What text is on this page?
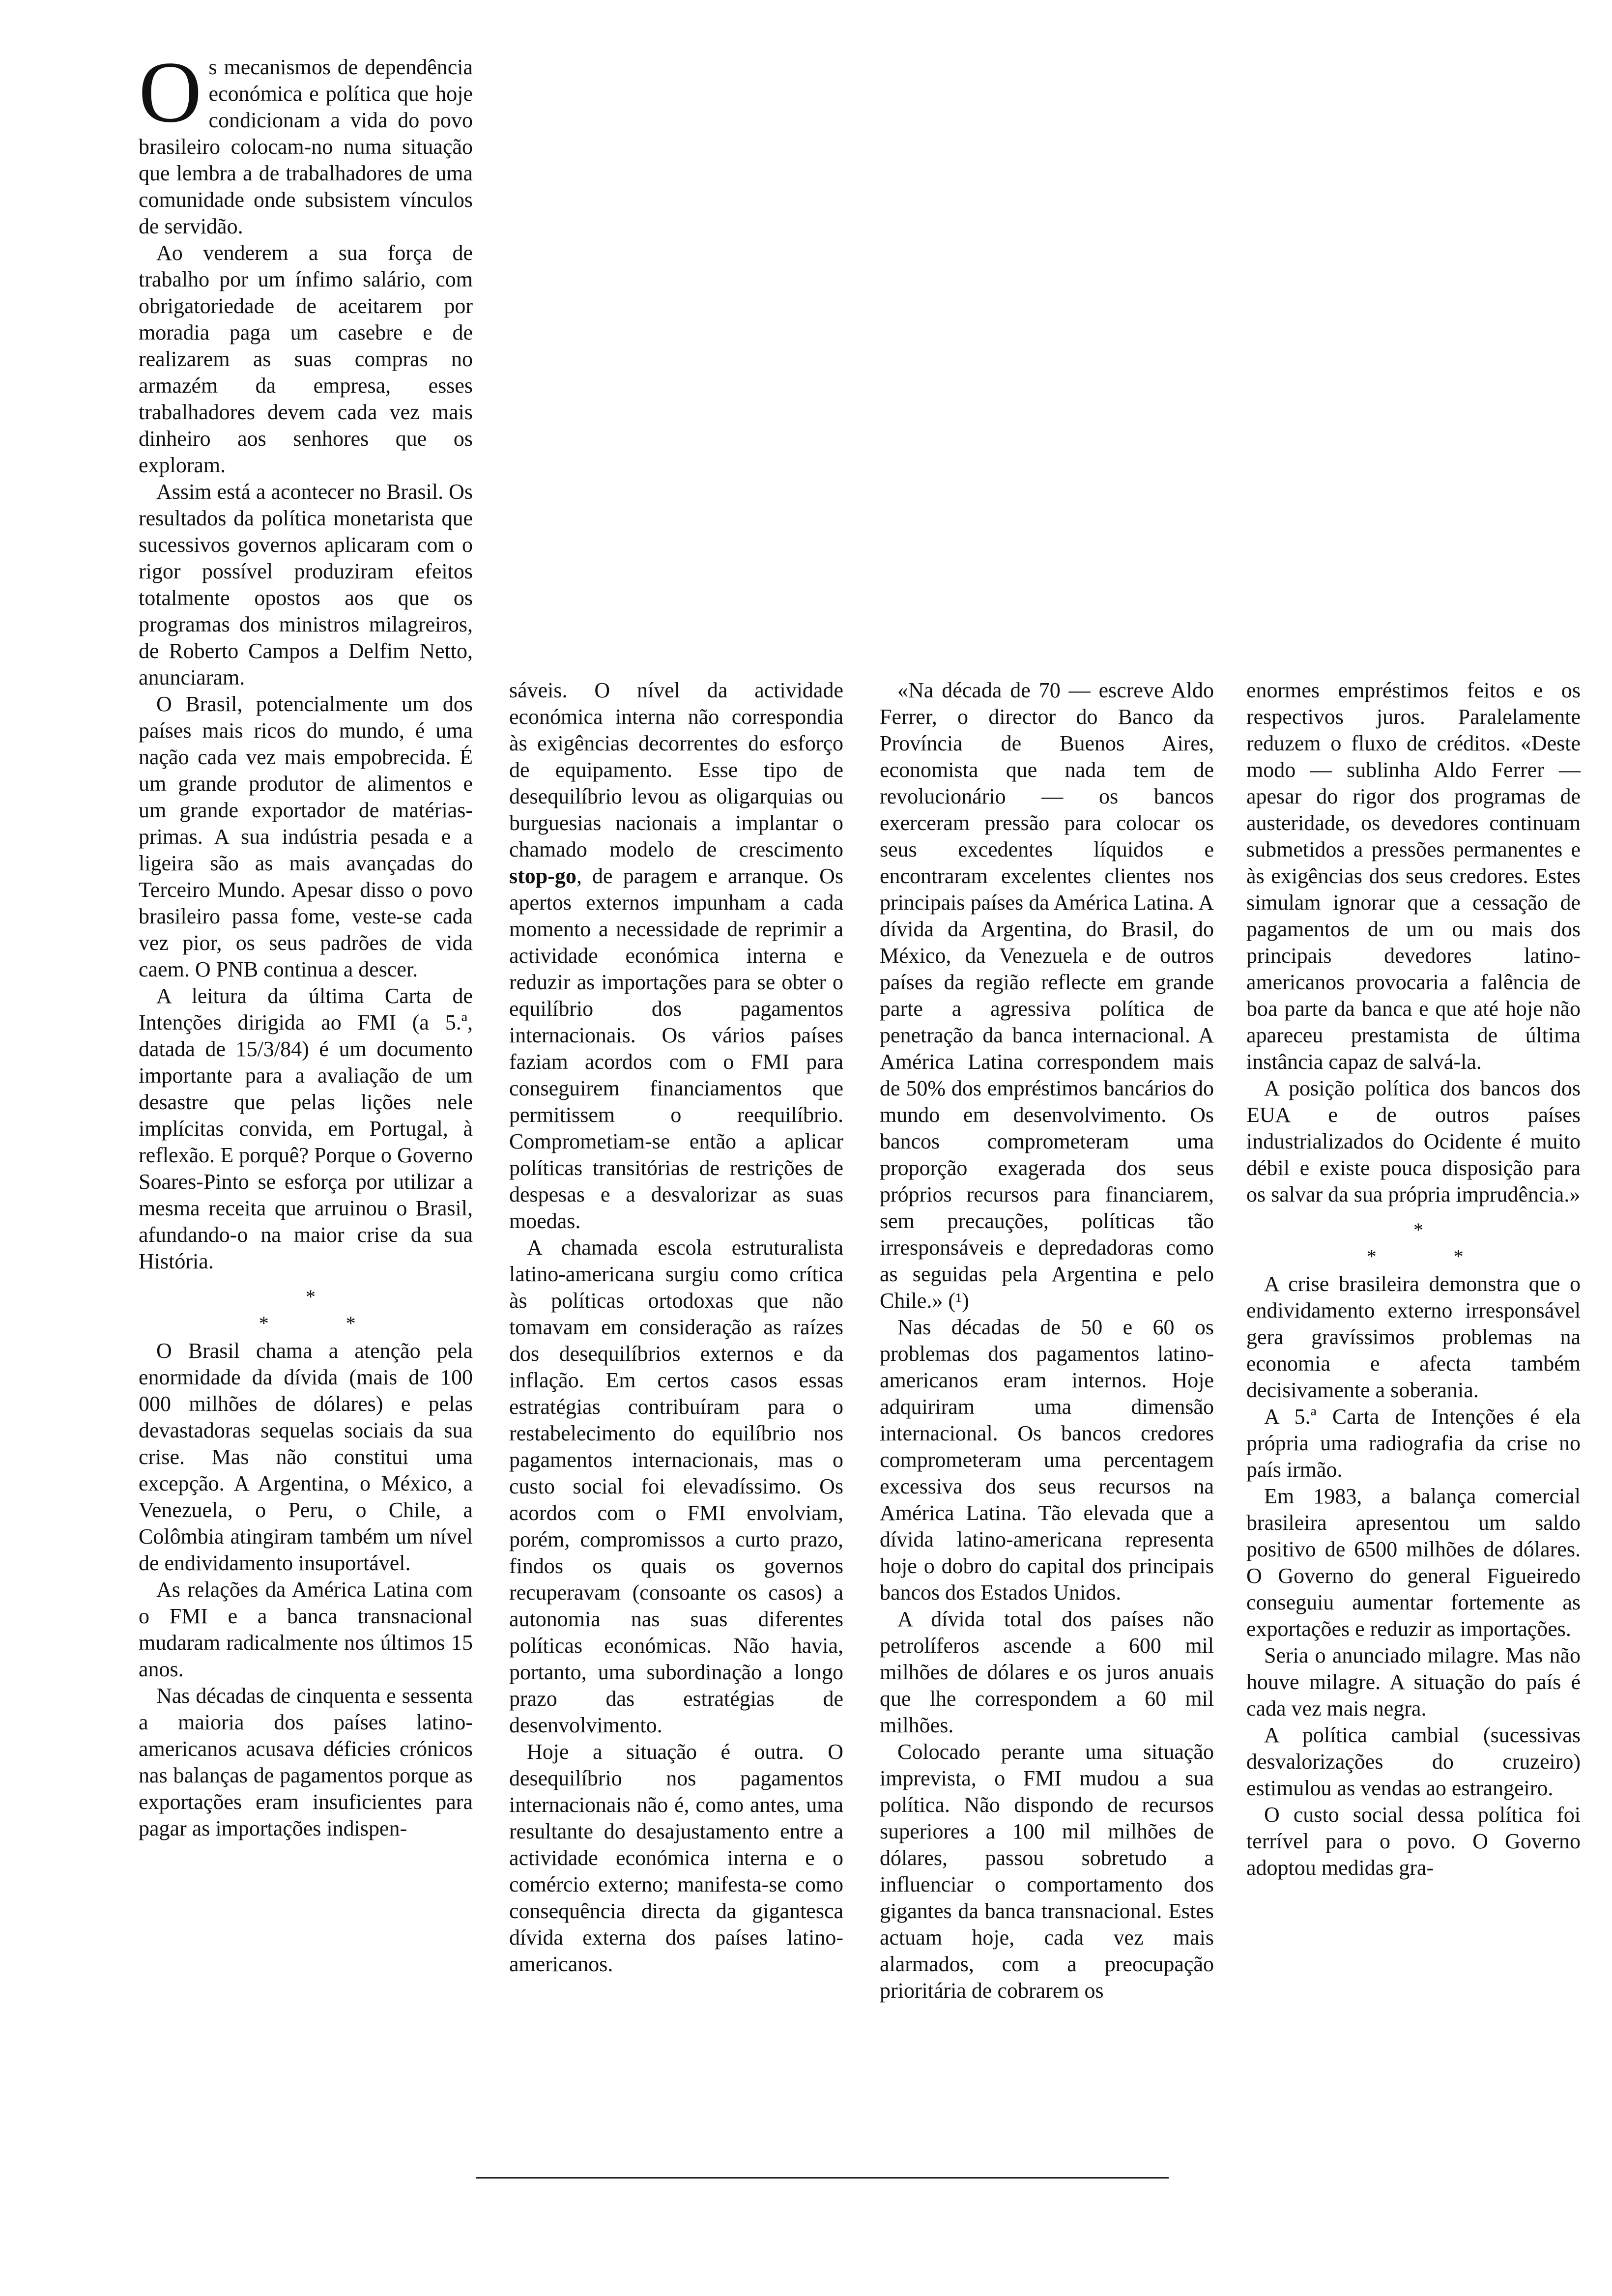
Os mecanismos de dependência económica e política que hoje condicionam a vida do povo brasileiro colocam-no numa situação que lembra a de trabalhadores de uma comunidade onde subsistem vínculos de servidão.

Ao venderem a sua força de trabalho por um ínfimo salário, com obrigatoriedade de aceitarem por moradia paga um casebre e de realizarem as suas compras no armazém da empresa, esses trabalhadores devem cada vez mais dinheiro aos senhores que os exploram.

Assim está a acontecer no Brasil. Os resultados da política monetarista que sucessivos governos aplicaram com o rigor possível produziram efeitos totalmente opostos aos que os programas dos ministros milagreiros, de Roberto Campos a Delfim Netto, anunciaram.

O Brasil, potencialmente um dos países mais ricos do mundo, é uma nação cada vez mais empobrecida. É um grande produtor de alimentos e um grande exportador de matérias-primas. A sua indústria pesada e a ligeira são as mais avançadas do Terceiro Mundo. Apesar disso o povo brasileiro passa fome, veste-se cada vez pior, os seus padrões de vida caem. O PNB continua a descer.

A leitura da última Carta de Intenções dirigida ao FMI (a 5.ª, datada de 15/3/84) é um documento importante para a avaliação de um desastre que pelas lições nele implícitas convida, em Portugal, à reflexão. E porquê? Porque o Governo Soares-Pinto se esforça por utilizar a mesma receita que arruinou o Brasil, afundando-o na maior crise da sua História.

*
*	*

O Brasil chama a atenção pela enormidade da dívida (mais de 100 000 milhões de dólares) e pelas devastadoras sequelas sociais da sua crise. Mas não constitui uma excepção. A Argentina, o México, a Venezuela, o Peru, o Chile, a Colômbia atingiram também um nível de endividamento insuportável.

As relações da América Latina com o FMI e a banca transnacional mudaram radicalmente nos últimos 15 anos.

Nas décadas de cinquenta e sessenta a maioria dos países latino-americanos acusava déficies crónicos nas balanças de pagamentos porque as exportações eram insuficientes para pagar as importações indispen-

sáveis. O nível da actividade económica interna não correspondia às exigências decorrentes do esforço de equipamento. Esse tipo de desequilíbrio levou as oligarquias ou burguesias nacionais a implantar o chamado modelo de crescimento stop-go, de paragem e arranque. Os apertos externos impunham a cada momento a necessidade de reprimir a actividade económica interna e reduzir as importações para se obter o equilíbrio dos pagamentos internacionais. Os vários países faziam acordos com o FMI para conseguirem financiamentos que permitissem o reequilíbrio. Comprometiam-se então a aplicar políticas transitórias de restrições de despesas e a desvalorizar as suas moedas.

A chamada escola estruturalista latino-americana surgiu como crítica às políticas ortodoxas que não tomavam em consideração as raízes dos desequilíbrios externos e da inflação. Em certos casos essas estratégias contribuíram para o restabelecimento do equilíbrio nos pagamentos internacionais, mas o custo social foi elevadíssimo. Os acordos com o FMI envolviam, porém, compromissos a curto prazo, findos os quais os governos recuperavam (consoante os casos) a autonomia nas suas diferentes políticas económicas. Não havia, portanto, uma subordinação a longo prazo das estratégias de desenvolvimento.

Hoje a situação é outra. O desequilíbrio nos pagamentos internacionais não é, como antes, uma resultante do desajustamento entre a actividade económica interna e o comércio externo; manifesta-se como consequência directa da gigantesca dívida externa dos países latino-americanos.

«Na década de 70 — escreve Aldo Ferrer, o director do Banco da Província de Buenos Aires, economista que nada tem de revolucionário — os bancos exerceram pressão para colocar os seus excedentes líquidos e encontraram excelentes clientes nos principais países da América Latina. A dívida da Argentina, do Brasil, do México, da Venezuela e de outros países da região reflecte em grande parte a agressiva política de penetração da banca internacional. A América Latina correspondem mais de 50% dos empréstimos bancários do mundo em desenvolvimento. Os bancos comprometeram uma proporção exagerada dos seus próprios recursos para financiarem, sem precauções, políticas tão irresponsáveis e depredadoras como as seguidas pela Argentina e pelo Chile.» (¹)

Nas décadas de 50 e 60 os problemas dos pagamentos latino-americanos eram internos. Hoje adquiriram uma dimensão internacional. Os bancos credores comprometeram uma percentagem excessiva dos seus recursos na América Latina. Tão elevada que a dívida latino-americana representa hoje o dobro do capital dos principais bancos dos Estados Unidos.

A dívida total dos países não petrolíferos ascende a 600 mil milhões de dólares e os juros anuais que lhe correspondem a 60 mil milhões.

Colocado perante uma situação imprevista, o FMI mudou a sua política. Não dispondo de recursos superiores a 100 mil milhões de dólares, passou sobretudo a influenciar o comportamento dos gigantes da banca transnacional. Estes actuam hoje, cada vez mais alarmados, com a preocupação prioritária de cobrarem os

enormes empréstimos feitos e os respectivos juros. Paralelamente reduzem o fluxo de créditos. «Deste modo — sublinha Aldo Ferrer — apesar do rigor dos programas de austeridade, os devedores continuam submetidos a pressões permanentes e às exigências dos seus credores. Estes simulam ignorar que a cessação de pagamentos de um ou mais dos principais devedores latino-americanos provocaria a falência de boa parte da banca e que até hoje não apareceu prestamista de última instância capaz de salvá-la.

A posição política dos bancos dos EUA e de outros países industrializados do Ocidente é muito débil e existe pouca disposição para os salvar da sua própria imprudência.»

*
*	*

A crise brasileira demonstra que o endividamento externo irresponsável gera gravíssimos problemas na economia e afecta também decisivamente a soberania.

A 5.ª Carta de Intenções é ela própria uma radiografia da crise no país irmão.

Em 1983, a balança comercial brasileira apresentou um saldo positivo de 6500 milhões de dólares. O Governo do general Figueiredo conseguiu aumentar fortemente as exportações e reduzir as importações.

Seria o anunciado milagre. Mas não houve milagre. A situação do país é cada vez mais negra.

A política cambial (sucessivas desvalorizações do cruzeiro) estimulou as vendas ao estrangeiro.

O custo social dessa política foi terrível para o povo. O Governo adoptou medidas gra-
